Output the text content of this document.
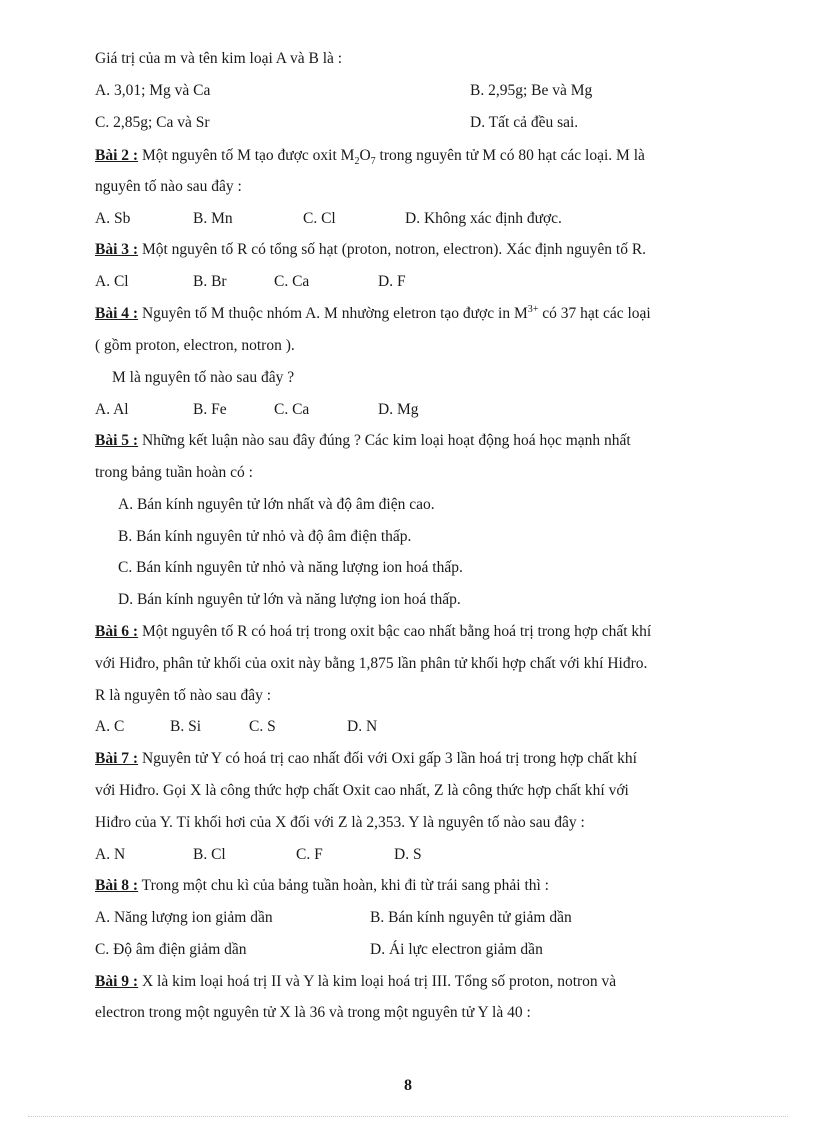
Giá trị của m và tên kim loại A và B là :
A. 3,01; Mg và Ca	B. 2,95g; Be và Mg
C. 2,85g; Ca và Sr	D. Tất cả đều sai.
Bài 2 : Một nguyên tố M tạo được oxit $M_2O_7$ trong nguyên tử M có 80 hạt các loại. M là
nguyên tố nào sau đây :
A. Sb	B. Mn	C. Cl	D. Không xác định được.
Bài 3 : Một nguyên tố R có tổng số hạt (proton, notron, electron). Xác định nguyên tố R.
A. Cl	B. Br	C. Ca	D. F
Bài 4 : Nguyên tố M thuộc nhóm A. M nhường eletron tạo được in $M^{3+}$ có 37 hạt các loại
( gồm proton, electron, notron ).
M là nguyên tố nào sau đây ?
A. Al	B. Fe	C. Ca	D. Mg
Bài 5 : Những kết luận nào sau đây đúng ? Các kim loại hoạt động hoá học mạnh nhất
trong bảng tuần hoàn có :
A. Bán kính nguyên tử lớn nhất và độ âm điện cao.
B. Bán kính nguyên tử nhỏ và độ âm điện thấp.
C. Bán kính nguyên tử nhỏ và năng lượng ion hoá thấp.
D. Bán kính nguyên tử lớn và năng lượng ion hoá thấp.
Bài 6 : Một nguyên tố R có hoá trị trong oxit bậc cao nhất bằng hoá trị trong hợp chất khí
với Hiđro, phân tử khối của oxit này bằng 1,875 lần phân tử khối hợp chất với khí Hiđro.
R là nguyên tố nào sau đây :
A. C	B. Si	C. S	D. N
Bài 7 : Nguyên tử Y có hoá trị cao nhất đối với Oxi gấp 3 lần hoá trị trong hợp chất khí
với Hiđro. Gọi X là công thức hợp chất Oxit cao nhất, Z là công thức hợp chất khí với
Hiđro của Y. Tỉ khối hơi của X đối với Z là 2,353. Y là nguyên tố nào sau đây :
A. N	B. Cl	C. F	D. S
Bài 8 : Trong một chu kì của bảng tuần hoàn, khi đi từ trái sang phải thì :
A. Năng lượng ion giảm dần	B. Bán kính nguyên tử giảm dần
C. Độ âm điện giảm dần	D. Ái lực electron giảm dần
Bài 9 : X là kim loại hoá trị II và Y là kim loại hoá trị III. Tổng số proton, notron và
electron trong một nguyên tử X là 36 và trong một nguyên tử Y là 40 :
8
